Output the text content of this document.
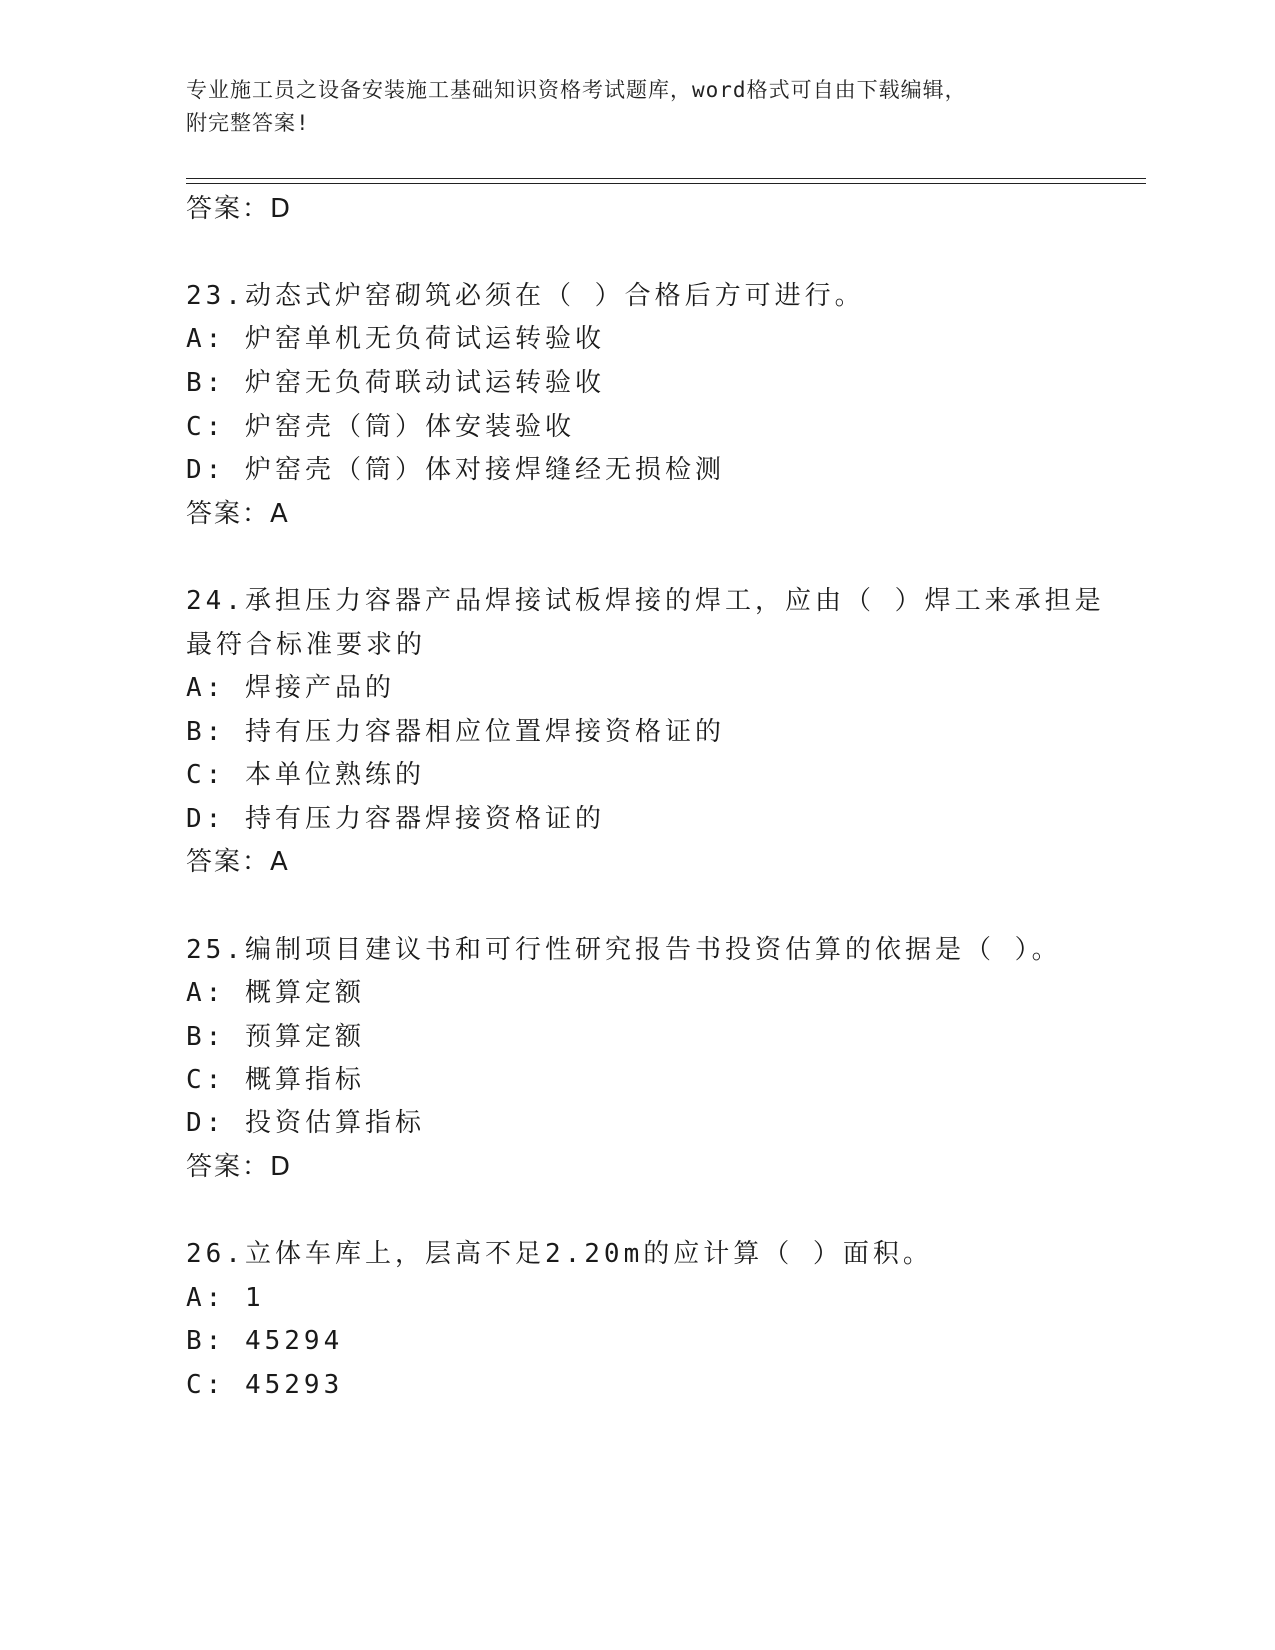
专业施工员之设备安装施工基础知识资格考试题库，word格式可自由下载编辑，
附完整答案!
答案：D
23.动态式炉窑砌筑必须在（ ）合格后方可进行。
A: 炉窑单机无负荷试运转验收
B: 炉窑无负荷联动试运转验收
C: 炉窑壳（筒）体安装验收
D: 炉窑壳（筒）体对接焊缝经无损检测
答案：A
24.承担压力容器产品焊接试板焊接的焊工，应由（ ）焊工来承担是
最符合标准要求的
A: 焊接产品的
B: 持有压力容器相应位置焊接资格证的
C: 本单位熟练的
D: 持有压力容器焊接资格证的
答案：A
25.编制项目建议书和可行性研究报告书投资估算的依据是（ ）。
A: 概算定额
B: 预算定额
C: 概算指标
D: 投资估算指标
答案：D
26.立体车库上，层高不足2.20m的应计算（ ）面积。
A: 1
B: 45294
C: 45293
